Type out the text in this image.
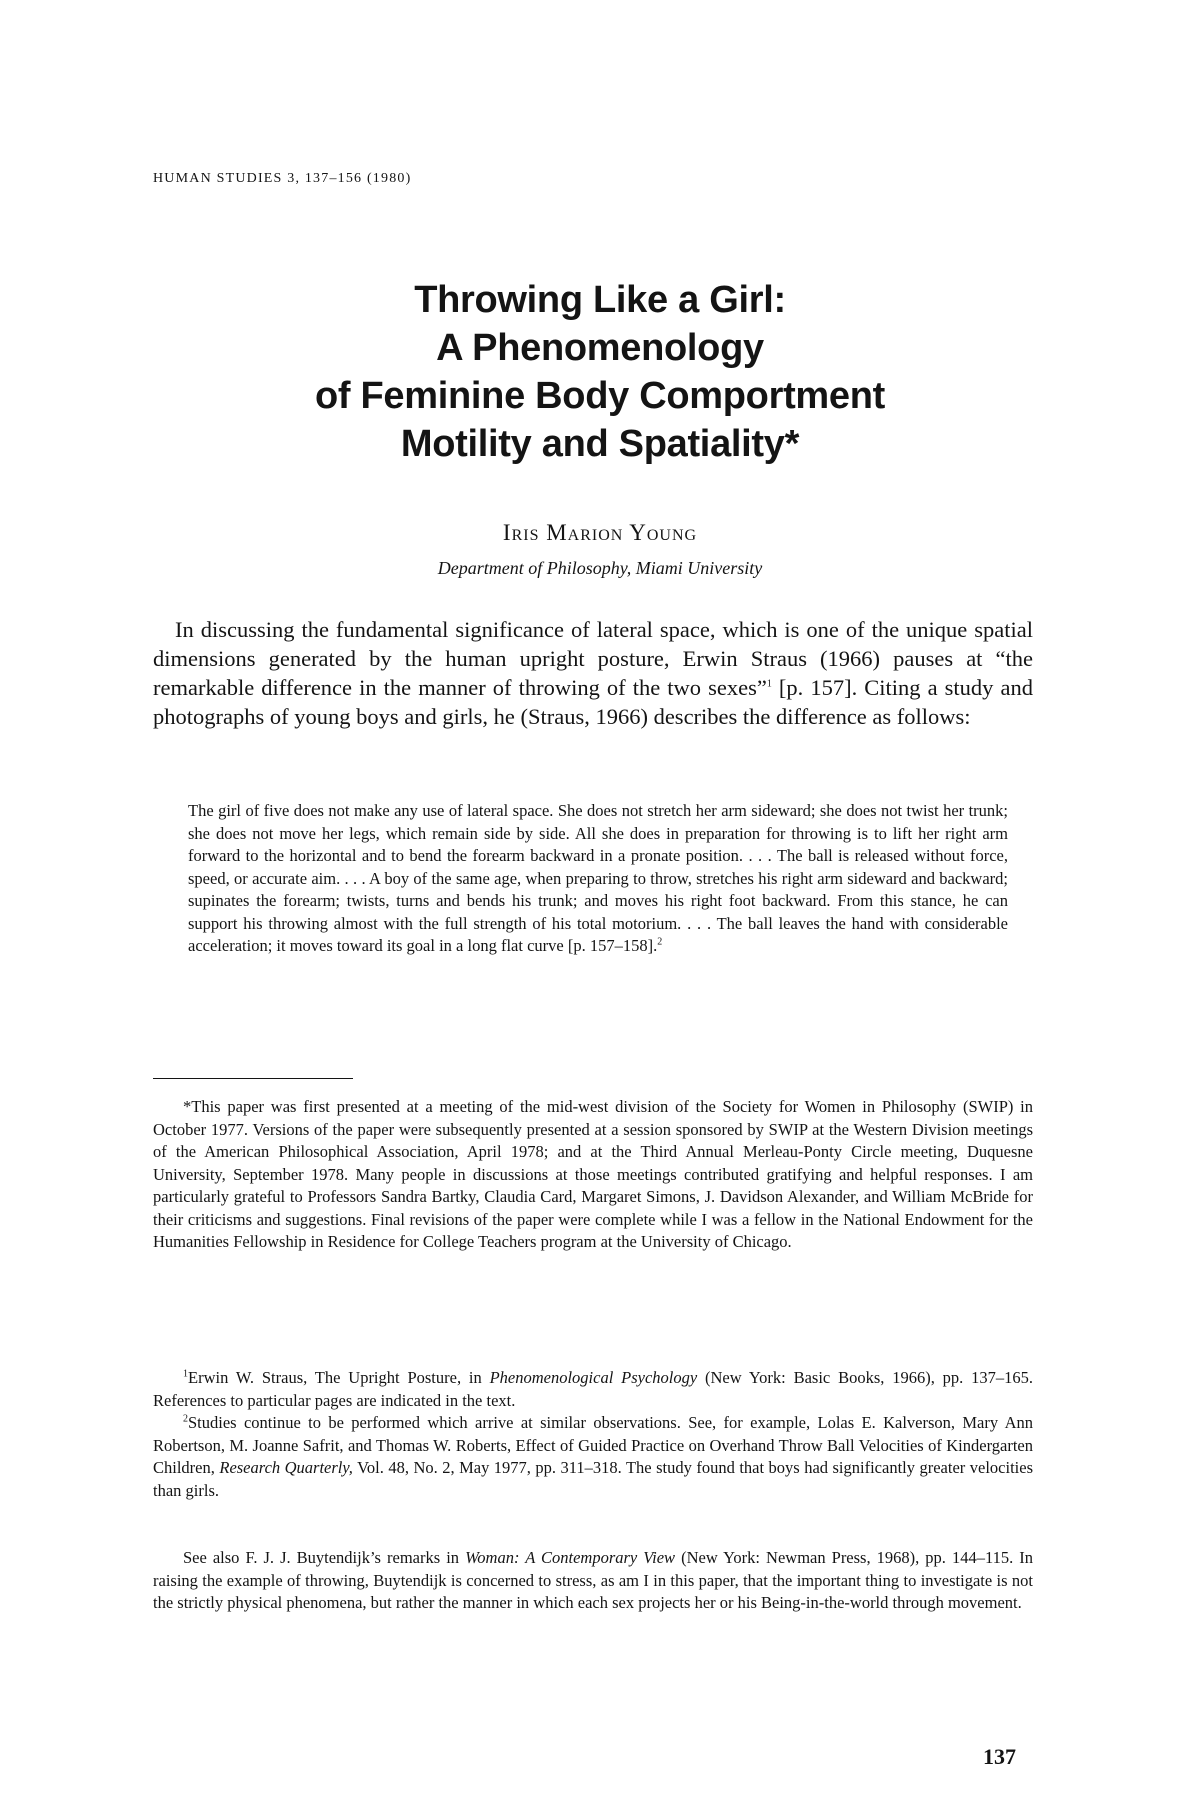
HUMAN STUDIES 3, 137–156 (1980)
Throwing Like a Girl:
A Phenomenology
of Feminine Body Comportment
Motility and Spatiality*
Iris Marion Young
Department of Philosophy, Miami University

In discussing the fundamental significance of lateral space, which is one of the unique spatial dimensions generated by the human upright posture, Erwin Straus (1966) pauses at “the remarkable difference in the manner of throwing of the two sexes”$^1$ [p. 157]. Citing a study and photographs of young boys and girls, he (Straus, 1966) describes the difference as follows:

The girl of five does not make any use of lateral space. She does not stretch her arm sideward; she does not twist her trunk; she does not move her legs, which remain side by side. All she does in preparation for throwing is to lift her right arm forward to the horizontal and to bend the forearm backward in a pronate position. . . . The ball is released without force, speed, or accurate aim. . . . A boy of the same age, when preparing to throw, stretches his right arm sideward and backward; supinates the forearm; twists, turns and bends his trunk; and moves his right foot backward. From this stance, he can support his throwing almost with the full strength of his total motorium. . . . The ball leaves the hand with considerable acceleration; it moves toward its goal in a long flat curve [p. 157–158].$^2$

*This paper was first presented at a meeting of the mid-west division of the Society for Women in Philosophy (SWIP) in October 1977. Versions of the paper were subsequently presented at a session sponsored by SWIP at the Western Division meetings of the American Philosophical Association, April 1978; and at the Third Annual Merleau-Ponty Circle meeting, Duquesne University, September 1978. Many people in discussions at those meetings contributed gratifying and helpful responses. I am particularly grateful to Professors Sandra Bartky, Claudia Card, Margaret Simons, J. Davidson Alexander, and William McBride for their criticisms and suggestions. Final revisions of the paper were complete while I was a fellow in the National Endowment for the Humanities Fellowship in Residence for College Teachers program at the University of Chicago.

$^1$Erwin W. Straus, The Upright Posture, in Phenomenological Psychology (New York: Basic Books, 1966), pp. 137–165. References to particular pages are indicated in the text.

$^2$Studies continue to be performed which arrive at similar observations. See, for example, Lolas E. Kalverson, Mary Ann Robertson, M. Joanne Safrit, and Thomas W. Roberts, Effect of Guided Practice on Overhand Throw Ball Velocities of Kindergarten Children, Research Quarterly, Vol. 48, No. 2, May 1977, pp. 311–318. The study found that boys had significantly greater velocities than girls.

See also F. J. J. Buytendijk’s remarks in Woman: A Contemporary View (New York: Newman Press, 1968), pp. 144–115. In raising the example of throwing, Buytendijk is concerned to stress, as am I in this paper, that the important thing to investigate is not the strictly physical phenomena, but rather the manner in which each sex projects her or his Being-in-the-world through movement.

137
